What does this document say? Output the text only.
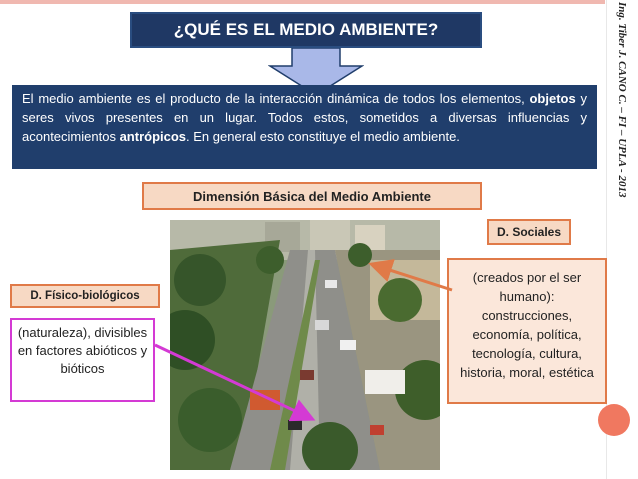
Ing. Tiber J. CANO C. – FI – UPLA - 2013
¿QUÉ ES EL MEDIO AMBIENTE?
El medio ambiente es el producto de la interacción dinámica de todos los elementos, objetos y seres vivos presentes en un lugar. Todos estos, sometidos a diversas influencias y acontecimientos antrópicos. En general esto constituye el medio ambiente.
Dimensión Básica del Medio Ambiente
D. Sociales
(creados por el ser humano): construcciones, economía, política, tecnología, cultura, historia, moral, estética
D. Físico-biológicos
(naturaleza), divisibles en factores abióticos y bióticos
